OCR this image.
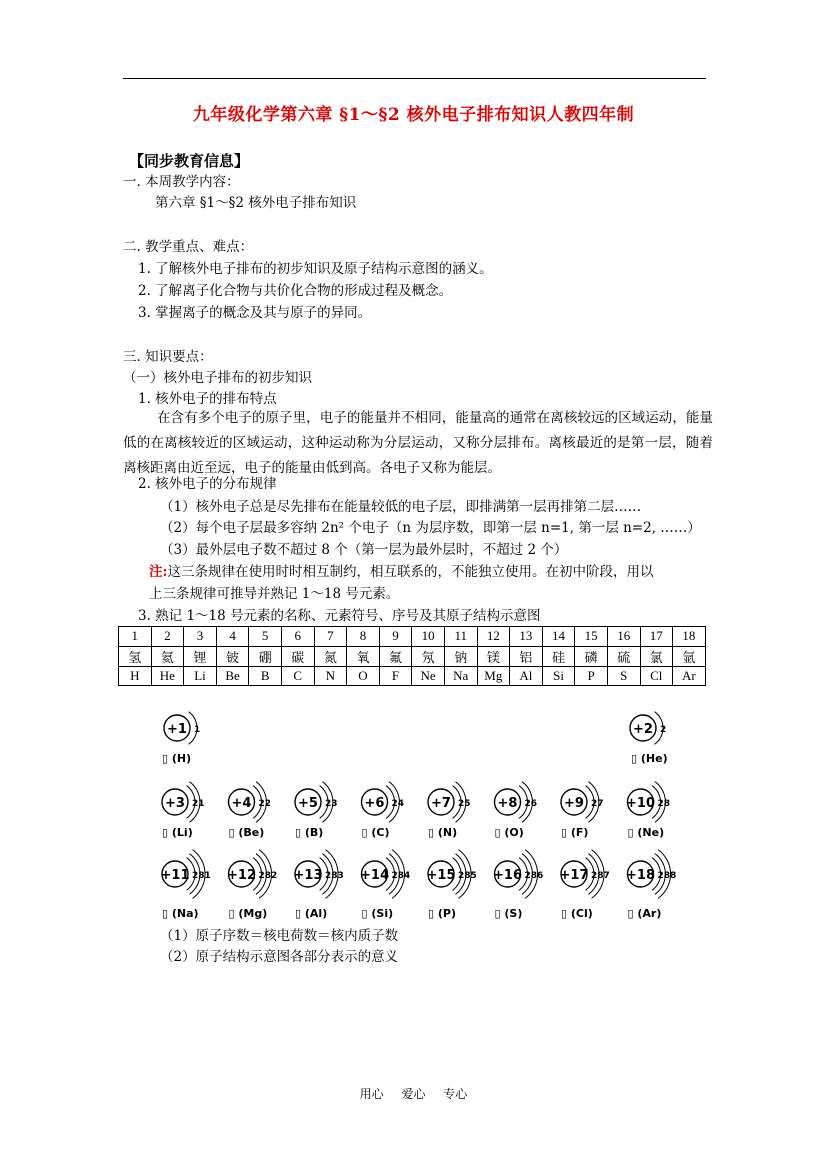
九年级化学第六章 §1～§2 核外电子排布知识人教四年制
【同步教育信息】
一. 本周教学内容：
第六章 §1～§2 核外电子排布知识
二. 教学重点、难点：
1. 了解核外电子排布的初步知识及原子结构示意图的涵义。
2. 了解离子化合物与共价化合物的形成过程及概念。
3. 掌握离子的概念及其与原子的异同。
三. 知识要点：
（一）核外电子排布的初步知识
1. 核外电子的排布特点
在含有多个电子的原子里，电子的能量并不相同，能量高的通常在离核较远的区域运动，能量低的在离核较近的区域运动，这种运动称为分层运动，又称分层排布。离核最近的是第一层，随着离核距离由近至远，电子的能量由低到高。各电子又称为能层。
2. 核外电子的分布规律
（1）核外电子总是尽先排布在能量较低的电子层，即排满第一层再排第二层……
（2）每个电子层最多容纳 2n² 个电子（n 为层序数，即第一层 n=1, 第一层 n=2, ……）
（3）最外层电子数不超过 8 个（第一层为最外层时，不超过 2 个）
注:这三条规律在使用时时相互制约，相互联系的，不能独立使用。在初中阶段，用以
上三条规律可推导并熟记 1～18 号元素。
3. 熟记 1～18 号元素的名称、元素符号、序号及其原子结构示意图
1	2	3	4	5	6	7	8	9	10	11	12	13	14	15	16	17	18
氢	氦	锂	铍	硼	碳	氮	氧	氟	氖	钠	镁	铝	硅	磷	硫	氯	氩
H	He	Li	Be	B	C	N	O	F	Ne	Na	Mg	Al	Si	P	S	Cl	Ar
+1 1
▯ (H)
+2 2
▯ (He)
+3 21
▯ (Li)
+4 22
▯ (Be)
+5 23
▯ (B)
+6 24
▯ (C)
+7 25
▯ (N)
+8 26
▯ (O)
+9 27
▯ (F)
+10 28
▯ (Ne)
+11 281
▯ (Na)
+12 282
▯ (Mg)
+13 283
▯ (Al)
+14 284
▯ (Si)
+15 285
▯ (P)
+16 286
▯ (S)
+17 287
▯ (Cl)
+18 288
▯ (Ar)
（1）原子序数＝核电荷数＝核内质子数
（2）原子结构示意图各部分表示的意义
用心 爱心 专心
